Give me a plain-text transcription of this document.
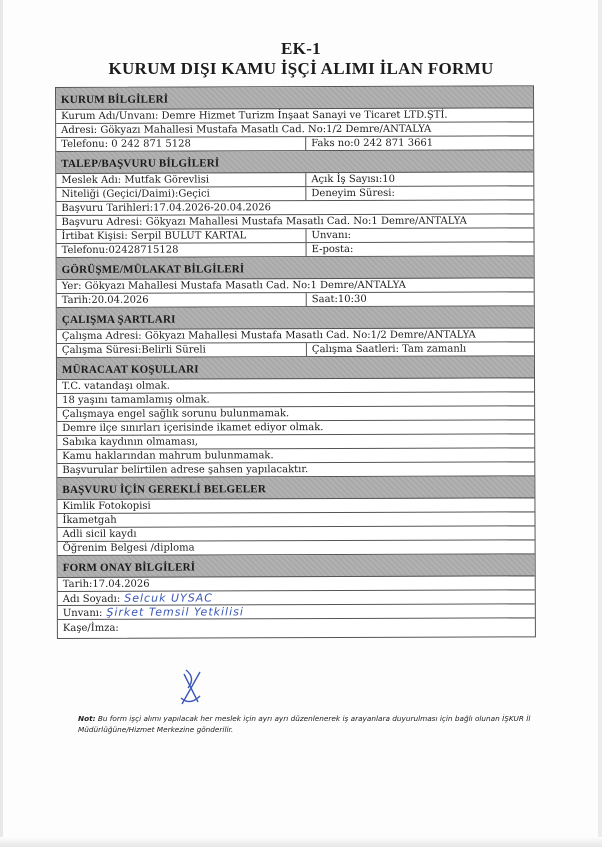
EK-1
KURUM DIŞI KAMU İŞÇİ ALIMI İLAN FORMU
KURUM BİLGİLERİ
Kurum Adı/Unvanı: Demre Hizmet Turizm İnşaat Sanayi ve Ticaret LTD.ŞTİ.
Adresi: Gökyazı Mahallesi Mustafa Masatlı Cad. No:1/2 Demre/ANTALYA
Telefonu: 0 242 871 5128	Faks no:0 242 871 3661
TALEP/BAŞVURU BİLGİLERİ
Meslek Adı: Mutfak Görevlisi	Açık İş Sayısı:10
Niteliği (Geçici/Daimi):Geçici	Deneyim Süresi:
Başvuru Tarihleri:17.04.2026-20.04.2026
Başvuru Adresi: Gökyazı Mahallesi Mustafa Masatlı Cad. No:1 Demre/ANTALYA
İrtibat Kişisi: Serpil BULUT KARTAL	Unvanı:
Telefonu:02428715128	E-posta:
GÖRÜŞME/MÜLAKAT BİLGİLERİ
Yer: Gökyazı Mahallesi Mustafa Masatlı Cad. No:1 Demre/ANTALYA
Tarih:20.04.2026	Saat:10:30
ÇALIŞMA ŞARTLARI
Çalışma Adresi: Gökyazı Mahallesi Mustafa Masatlı Cad. No:1/2 Demre/ANTALYA
Çalışma Süresi:Belirli Süreli	Çalışma Saatleri: Tam zamanlı
MÜRACAAT KOŞULLARI
T.C. vatandaşı olmak.
18 yaşını tamamlamış olmak.
Çalışmaya engel sağlık sorunu bulunmamak.
Demre ilçe sınırları içerisinde ikamet ediyor olmak.
Sabıka kaydının olmaması,
Kamu haklarından mahrum bulunmamak.
Başvurular belirtilen adrese şahsen yapılacaktır.
BAŞVURU İÇİN GEREKLİ BELGELER
Kimlik Fotokopisi
İkametgah
Adli sicil kaydı
Öğrenim Belgesi /diploma
FORM ONAY BİLGİLERİ
Tarih:17.04.2026
Adı Soyadı: Selcuk UYSAC
Unvanı: Şirket Temsil Yetkilisi
Kaşe/İmza:
Not: Bu form işçi alımı yapılacak her meslek için ayrı ayrı düzenlenerek iş arayanlara duyurulması için bağlı olunan İŞKUR İl Müdürlüğüne/Hizmet Merkezine gönderilir.
